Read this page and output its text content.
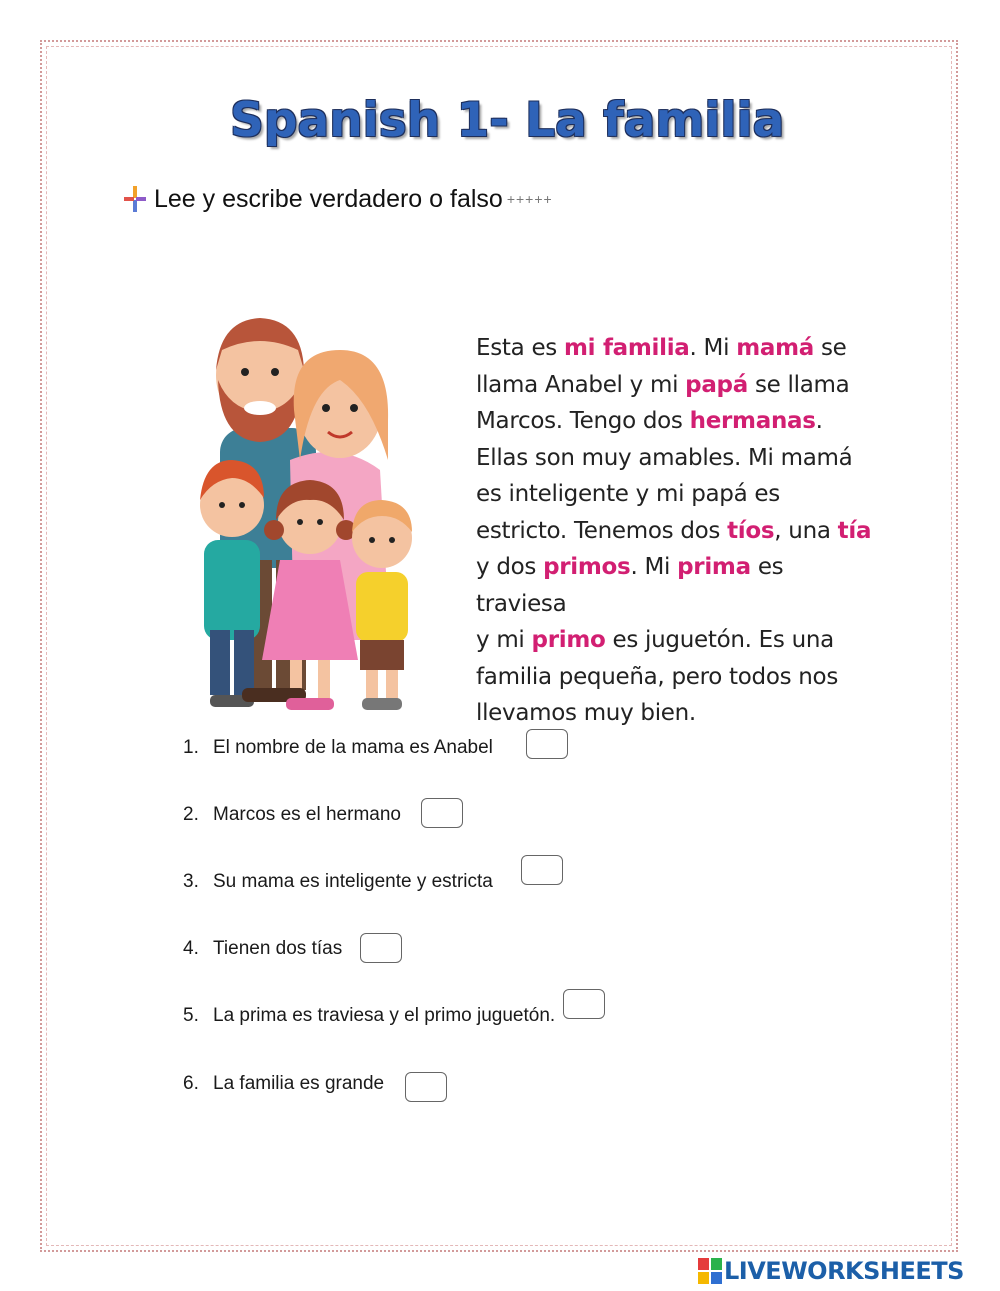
Spanish 1- La familia
Lee y escribe verdadero o falso +++++
Esta es mi familia. Mi mamá se
llama Anabel y mi papá se llama
Marcos. Tengo dos hermanas.
Ellas son muy amables. Mi mamá
es inteligente y mi papá es
estricto. Tenemos dos tíos, una tía
y dos primos. Mi prima es traviesa
y mi primo es juguetón. Es una
familia pequeña, pero todos nos
llevamos muy bien.
1. El nombre de la mama es Anabel
2. Marcos es el hermano
3. Su mama es inteligente y estricta
4. Tienen dos tías
5. La prima es traviesa y el primo juguetón.
6. La familia es grande
LIVEWORKSHEETS
